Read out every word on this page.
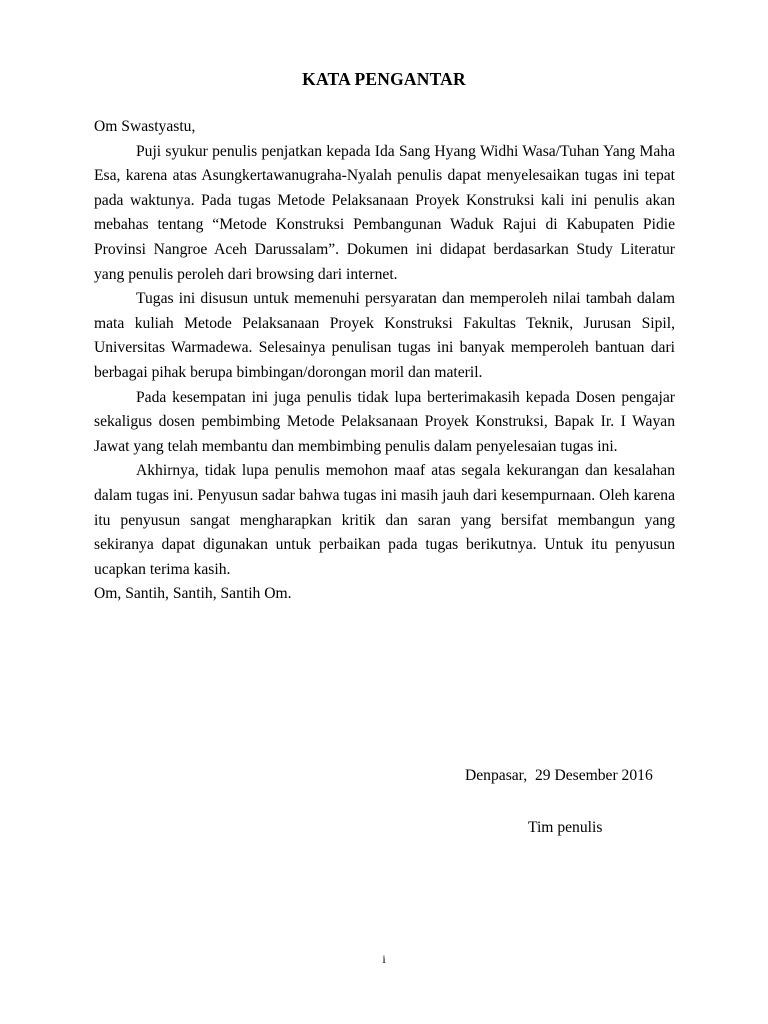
KATA PENGANTAR

Om Swastyastu,

Puji syukur penulis penjatkan kepada Ida Sang Hyang Widhi Wasa/Tuhan Yang Maha Esa, karena atas Asungkertawanugraha-Nyalah penulis dapat menyelesaikan tugas ini tepat pada waktunya. Pada tugas Metode Pelaksanaan Proyek Konstruksi kali ini penulis akan mebahas tentang “Metode Konstruksi Pembangunan Waduk Rajui di Kabupaten Pidie Provinsi Nangroe Aceh Darussalam”. Dokumen ini didapat berdasarkan Study Literatur yang penulis peroleh dari browsing dari internet.

Tugas ini disusun untuk memenuhi persyaratan dan memperoleh nilai tambah dalam mata kuliah Metode Pelaksanaan Proyek Konstruksi Fakultas Teknik, Jurusan Sipil, Universitas Warmadewa. Selesainya penulisan tugas ini banyak memperoleh bantuan dari berbagai pihak berupa bimbingan/dorongan moril dan materil.

Pada kesempatan ini juga penulis tidak lupa berterimakasih kepada Dosen pengajar sekaligus dosen pembimbing Metode Pelaksanaan Proyek Konstruksi, Bapak Ir. I Wayan Jawat yang telah membantu dan membimbing penulis dalam penyelesaian tugas ini.

Akhirnya, tidak lupa penulis memohon maaf atas segala kekurangan dan kesalahan dalam tugas ini. Penyusun sadar bahwa tugas ini masih jauh dari kesempurnaan. Oleh karena itu penyusun sangat mengharapkan kritik dan saran yang bersifat membangun yang sekiranya dapat digunakan untuk perbaikan pada tugas berikutnya. Untuk itu penyusun ucapkan terima kasih.

Om, Santih, Santih, Santih Om.

Denpasar,  29 Desember 2016
Tim penulis
i
